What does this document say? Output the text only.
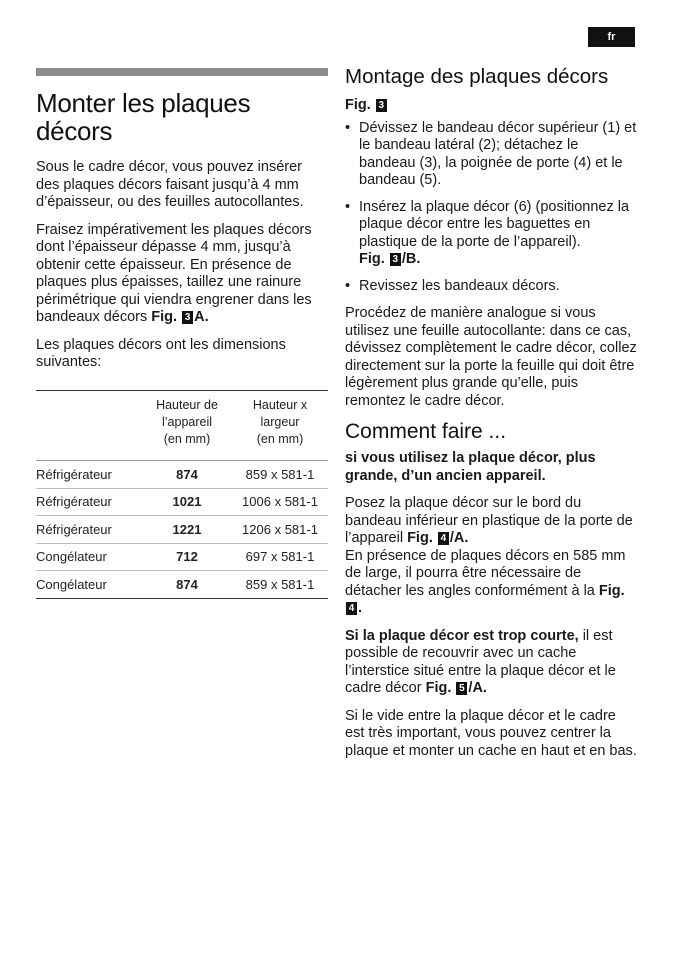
fr
Monter les plaques décors

Sous le cadre décor, vous pouvez insérer des plaques décors faisant jusqu’à 4 mm d’épaisseur, ou des feuilles autocollantes.

Fraisez impérativement les plaques décors dont l’épaisseur dépasse 4 mm, jusqu’à obtenir cette épaisseur. En présence de plaques plus épaisses, taillez une rainure périmétrique qui viendra engrener dans les bandeaux décors Fig. 3 A.

Les plaques décors ont les dimensions suivantes:

	Hauteur de
l’appareil
(en mm)	Hauteur x
largeur
(en mm)
Réfrigérateur	874	859 x 581-1
Réfrigérateur	1021	1006 x 581-1
Réfrigérateur	1221	1206 x 581-1
Congélateur	712	697 x 581-1
Congélateur	874	859 x 581-1
Montage des plaques décors

Fig. 3

• Dévissez le bandeau décor supérieur (1) et le bandeau latéral (2); détachez le bandeau (3), la poignée de porte (4) et le bandeau (5).
• Insérez la plaque décor (6) (positionnez la plaque décor entre les baguettes en plastique de la porte de l’appareil).
Fig. 3 /B.
• Revissez les bandeaux décors.

Procédez de manière analogue si vous utilisez une feuille autocollante: dans ce cas, dévissez complètement le cadre décor, collez directement sur la porte la feuille qui doit être légèrement plus grande qu’elle, puis remontez le cadre décor.

Comment faire ...

si vous utilisez la plaque décor, plus grande, d’un ancien appareil.

Posez la plaque décor sur le bord du bandeau inférieur en plastique de la porte de l’appareil Fig. 4 /A.
En présence de plaques décors en 585 mm de large, il pourra être nécessaire de détacher les angles conformément à la Fig. 4 .

Si la plaque décor est trop courte, il est possible de recouvrir avec un cache l’interstice situé entre la plaque décor et le cadre décor Fig. 5 /A.

Si le vide entre la plaque décor et le cadre est très important, vous pouvez centrer la plaque et monter un cache en haut et en bas.
